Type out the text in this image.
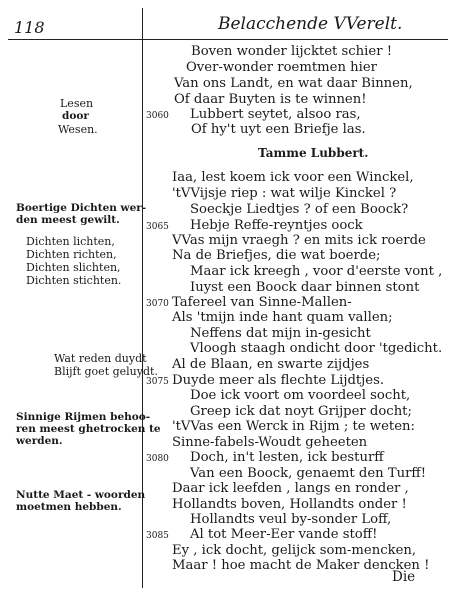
118	Belacchende VVerelt.
Lesen
door
Wesen.
Boertige Dichten wer-
den meest gewilt.
Dichten lichten,
Dichten richten,
Dichten slichten,
Dichten stichten.
Wat reden duydt
Blijft goet geluydt.
Sinnige Rijmen behoo-
ren meest ghetrocken te
werden.
Nutte Maet - woorden
moetmen hebben.
3060
3065
3070
3075
3080
3085
Boven wonder lijcktet schier !
Over-wonder roemtmen hier
Van ons Landt, en wat daar Binnen,
Of daar Buyten is te winnen!
Lubbert seytet, alsoo ras,
Of hy't uyt een Briefje las.
Tamme Lubbert.
Iaa, lest koem ick voor een Winckel,
'tVVijsje riep : wat wilje Kinckel ?
Soeckje Liedtjes ? of een Boock?
Hebje Reffe-reyntjes oock
VVas mijn vraegh ? en mits ick roerde
Na de Briefjes, die wat boerde;
Maar ick kreegh , voor d'eerste vont ,
Iuyst een Boock daar binnen stont
Tafereel van Sinne-Mallen-
Als 'tmijn inde hant quam vallen;
Neffens dat mijn in-gesicht
Vloogh staagh ondicht door 'tgedicht.
Al de Blaan, en swarte zijdjes
Duyde meer als flechte Lijdtjes.
Doe ick voort om voordeel socht,
Greep ick dat noyt Grijper docht;
'tVVas een Werck in Rijm ; te weten:
Sinne-fabels-Woudt geheeten
Doch, in't lesten, ick besturff
Van een Boock, genaemt den Turff!
Daar ick leefden , langs en ronder ,
Hollandts boven, Hollandts onder !
Hollandts veul by-sonder Loff,
Al tot Meer-Eer vande stoff!
Ey , ick docht, gelijck som-mencken,
Maar ! hoe macht de Maker dencken !
Die
